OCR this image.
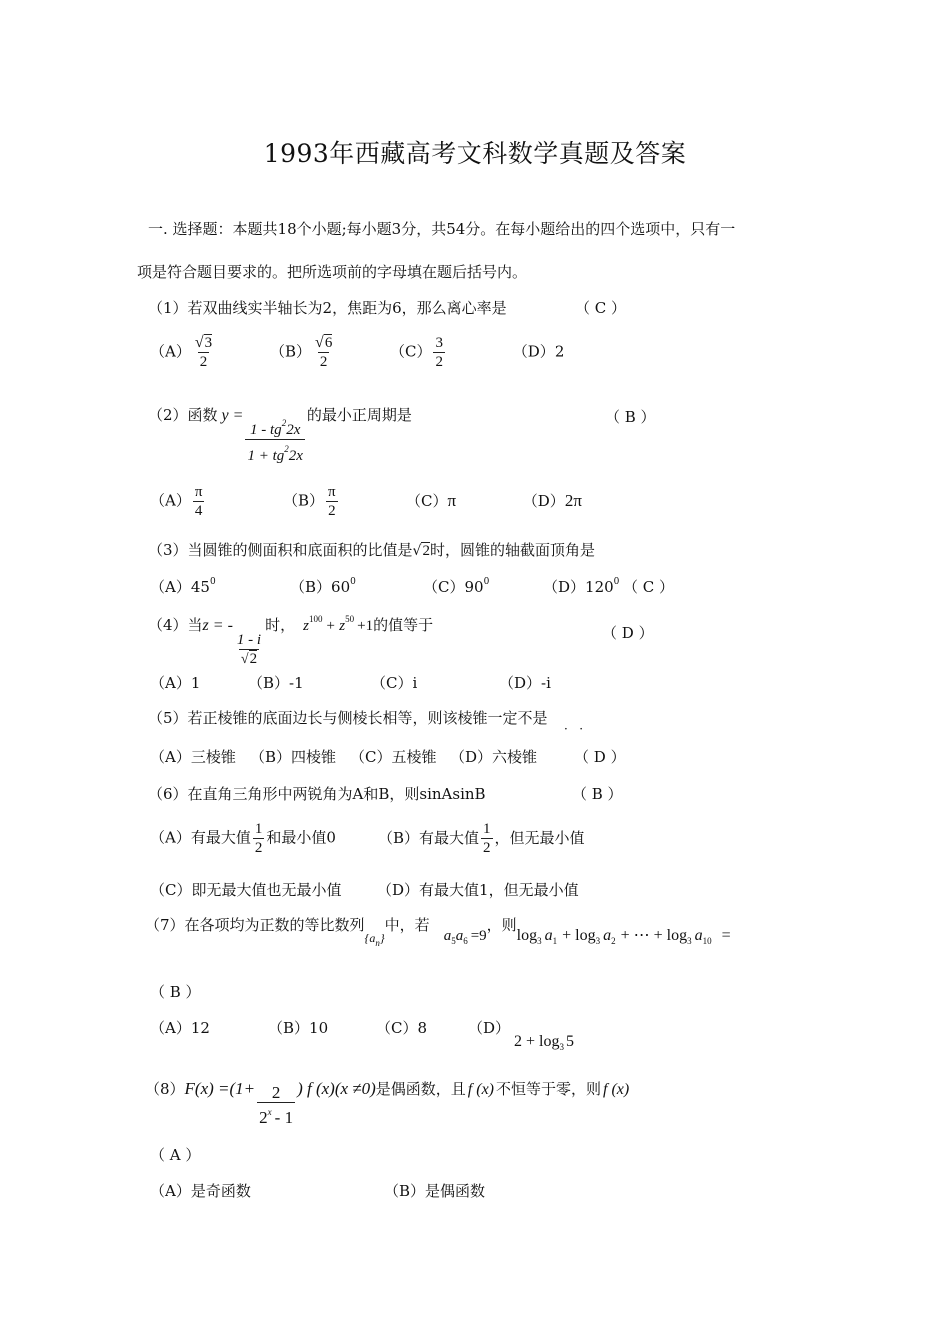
1993年西藏高考文科数学真题及答案
一. 选择题：本题共18个小题;每小题3分，共54分。在每小题给出的四个选项中，只有一
项是符合题目要求的。把所选项前的字母填在题后括号内。
（1）若双曲线实半轴长为2，焦距为6，那么离心率是	（ C ）
$(A) \frac{√3}{2}$	$(B) \frac{√6}{2}$	$(C) \frac{3}{2}$	（D）2
（2）函数 $y = \frac{1 - tg^22x}{1 + tg^22x}$ 的最小正周期是	（ B ）
$(A) \frac{\pi}{4}$	$(B) \frac{\pi}{2}$	（C）π	（D）2π
（3）当圆锥的侧面积和底面积的比值是√2时，圆锥的轴截面顶角是
$(A)45^0$	$(B)60^0$	$(C)90^0$	$(D)120^0$ （ C ）
（4）当z = -
$\frac{1 - i}{√2}$
时， $z^{100} + z^{50} +1$的值等于	（ D ）
（A）1	（B）-1	（C）i	（D）-i
（5）若正棱锥的底面边长与侧棱长相等，则该棱锥一定不是
·   ·
（A）三棱锥 （B）四棱锥 （C）五棱锥 （D）六棱锥 （ D ）
（6）在直角三角形中两锐角为A和B，则sinAsinB	（ B ）
（A）有最大值 $\frac{1}{2}$ 和最小值0	（B）有最大值 $\frac{1}{2}$ ，但无最小值
（C）即无最大值也无最小值 （D）有最大值1，但无最小值
（7）在各项均为正数的等比数列$_{\{a_n\}}$中，若$a_5a_6 =9$，则$\log_3 a_1 + \log_3 a_2$ + ⋯ + $\log_3 a_{10}$ =
（ B ）
（A）12	（B）10	（C）8	$(D)2 + \log_3 5$
$(8)F(x) =(1+ \frac{2}{2^x - 1}$ ) f (x)(x ≠0)是偶函数，且 f (x) 不恒等于零，则 f (x)
（ A ）
（A）是奇函数	（B）是偶函数
